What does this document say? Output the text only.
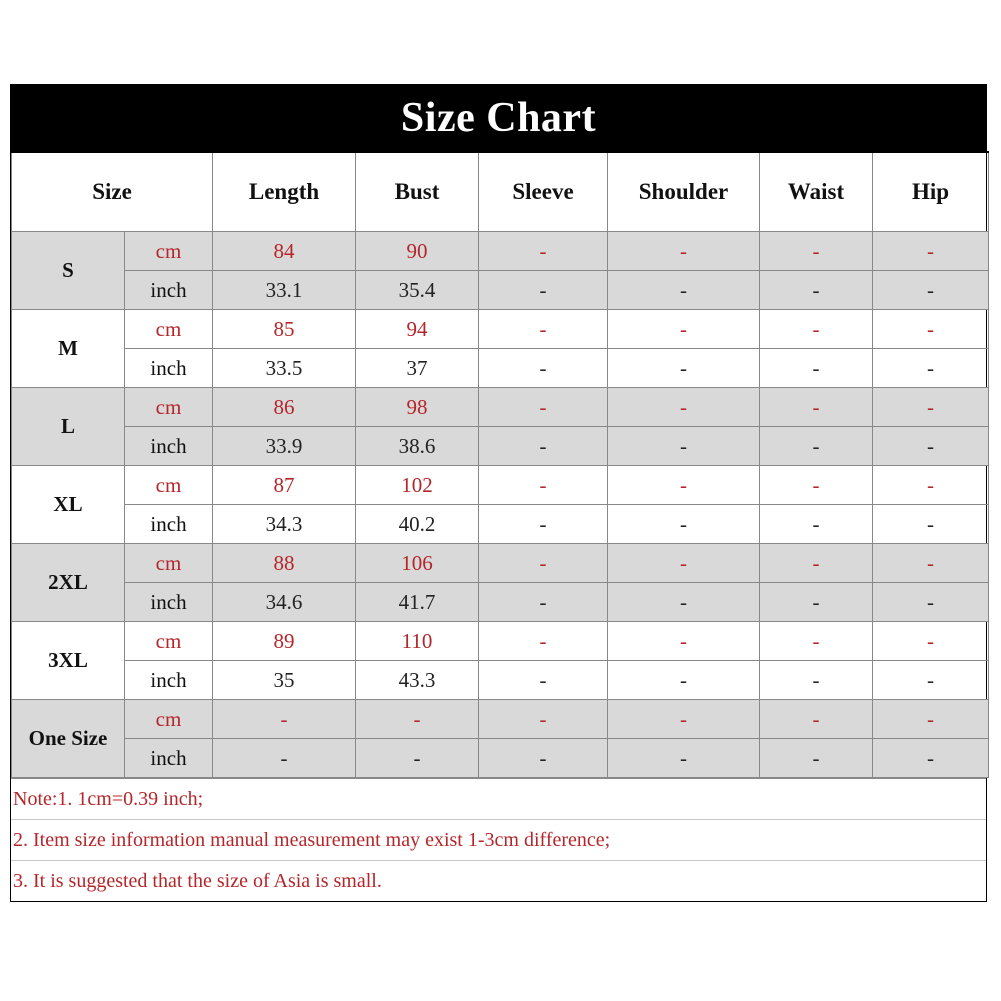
Size Chart
Size		Length	Bust	Sleeve	Shoulder	Waist	Hip
S	cm	84	90	-	-	-	-
	inch	33.1	35.4	-	-	-	-
M	cm	85	94	-	-	-	-
	inch	33.5	37	-	-	-	-
L	cm	86	98	-	-	-	-
	inch	33.9	38.6	-	-	-	-
XL	cm	87	102	-	-	-	-
	inch	34.3	40.2	-	-	-	-
2XL	cm	88	106	-	-	-	-
	inch	34.6	41.7	-	-	-	-
3XL	cm	89	110	-	-	-	-
	inch	35	43.3	-	-	-	-
One Size	cm	-	-	-	-	-	-
	inch	-	-	-	-	-	-
Note:1. 1cm=0.39 inch;
2. Item size information manual measurement may exist 1-3cm difference;
3. It is suggested that the size of Asia is small.
